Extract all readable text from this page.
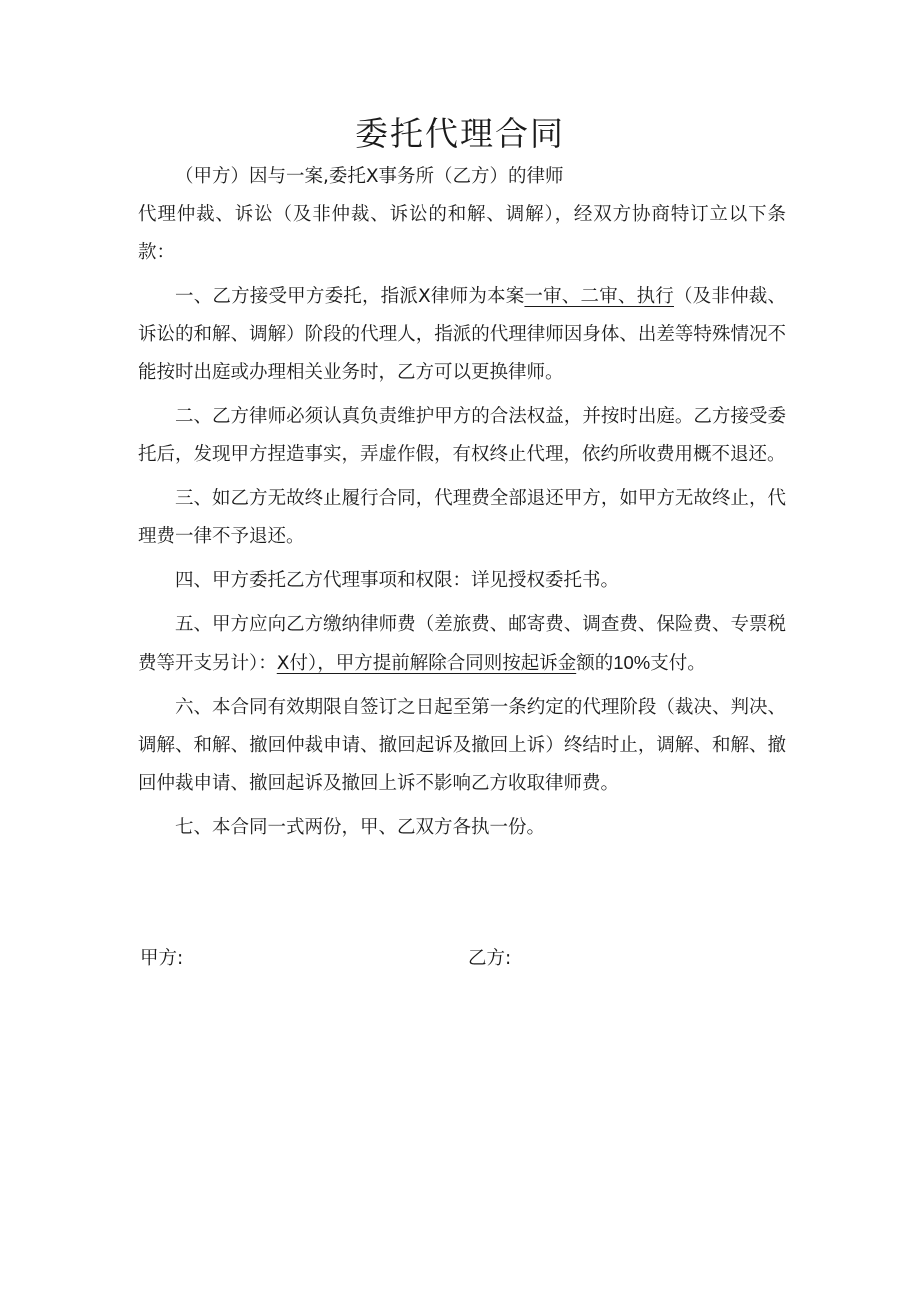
委托代理合同

（甲方）因与一案,委托X事务所（乙方）的律师

代理仲裁、诉讼（及非仲裁、诉讼的和解、调解），经双方协商特订立以下条款：

一、乙方接受甲方委托，指派X律师为本案一审、二审、执行（及非仲裁、诉讼的和解、调解）阶段的代理人，指派的代理律师因身体、出差等特殊情况不能按时出庭或办理相关业务时，乙方可以更换律师。

二、乙方律师必须认真负责维护甲方的合法权益，并按时出庭。乙方接受委托后，发现甲方捏造事实，弄虚作假，有权终止代理，依约所收费用概不退还。

三、如乙方无故终止履行合同，代理费全部退还甲方，如甲方无故终止，代理费一律不予退还。

四、甲方委托乙方代理事项和权限：详见授权委托书。

五、甲方应向乙方缴纳律师费（差旅费、邮寄费、调查费、保险费、专票税费等开支另计）：X付），甲方提前解除合同则按起诉金额的10%支付。

六、本合同有效期限自签订之日起至第一条约定的代理阶段（裁决、判决、调解、和解、撤回仲裁申请、撤回起诉及撤回上诉）终结时止，调解、和解、撤回仲裁申请、撤回起诉及撤回上诉不影响乙方收取律师费。

七、本合同一式两份，甲、乙双方各执一份。

甲方:	乙方:
